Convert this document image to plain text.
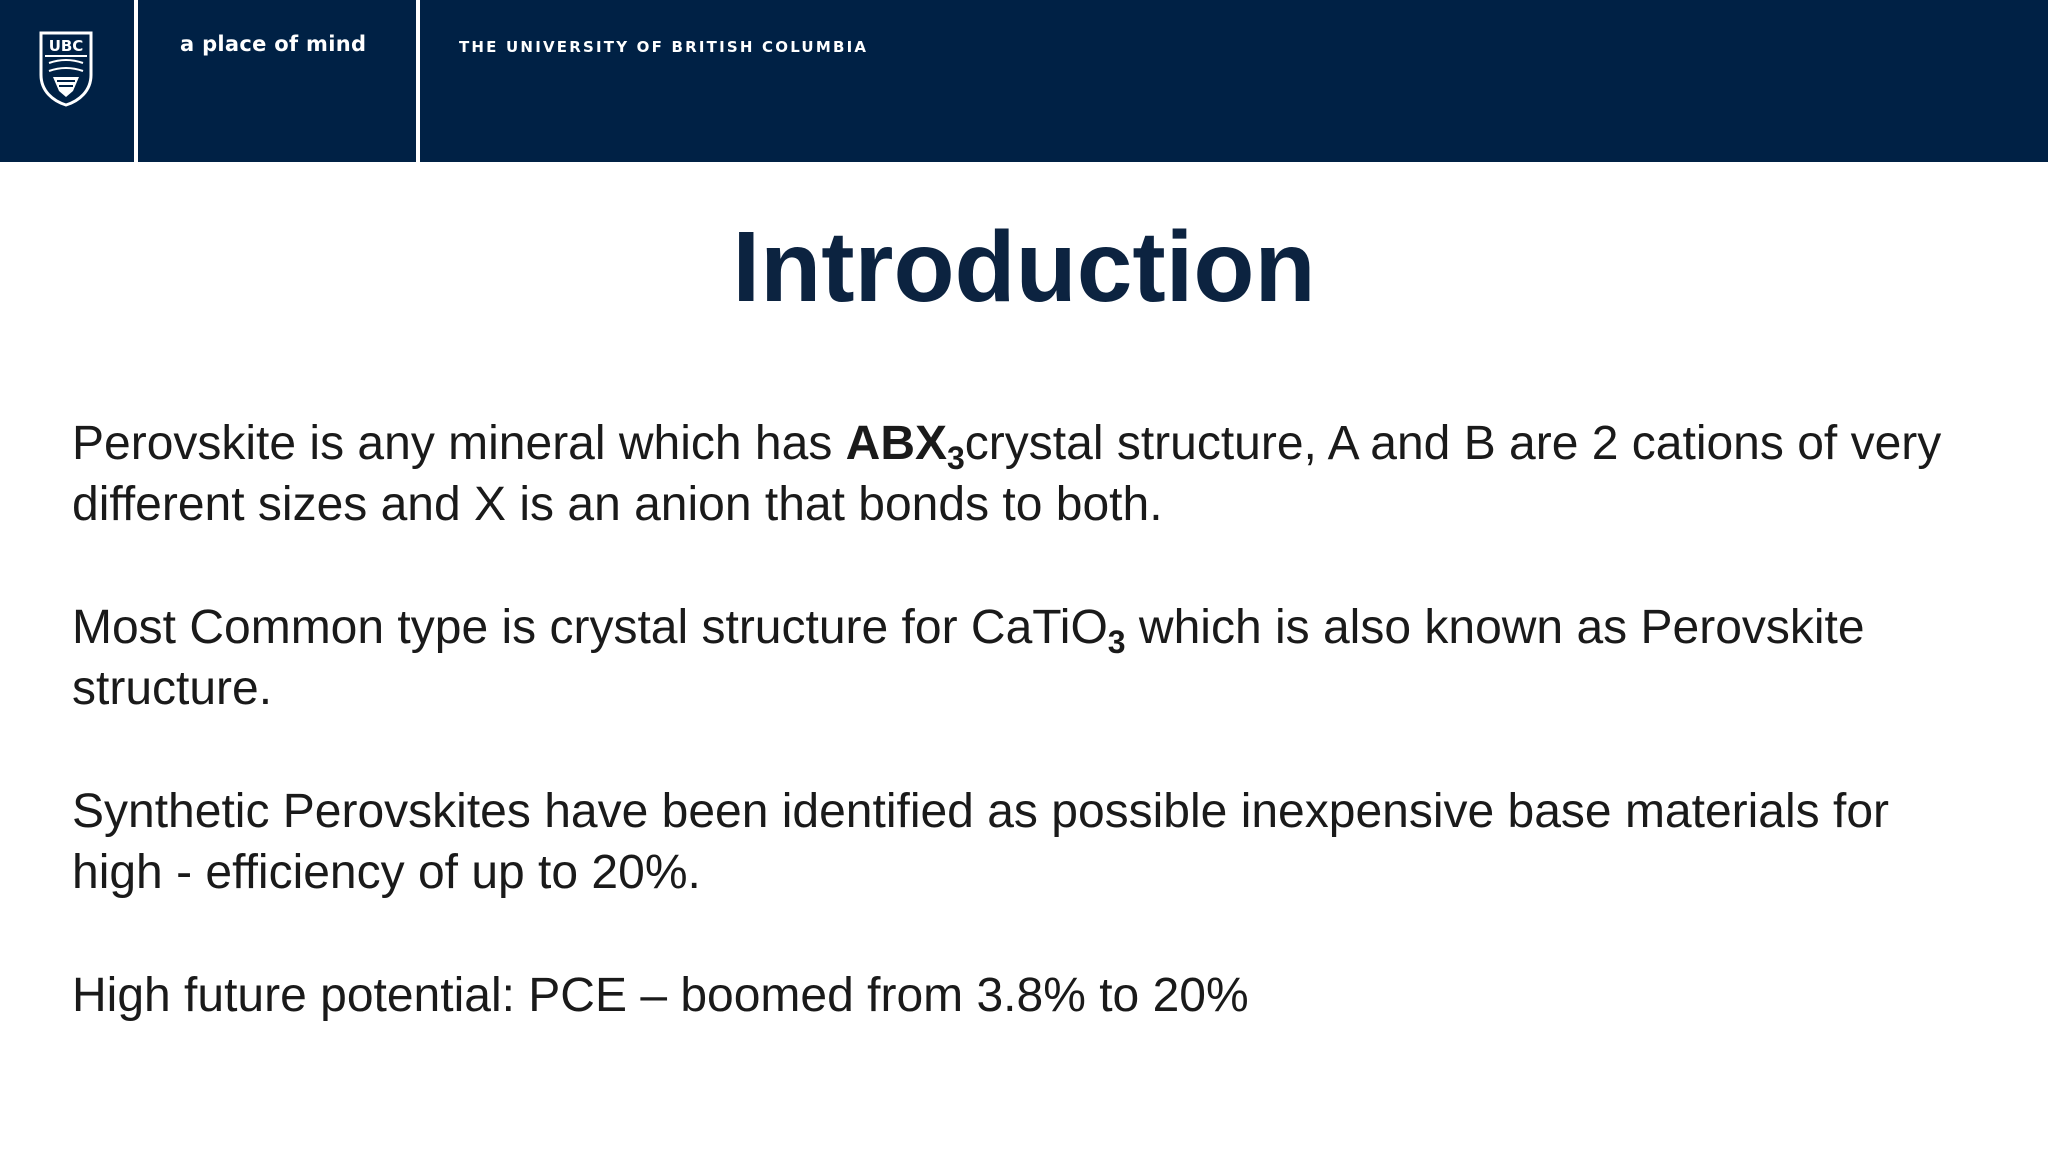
UBC	a place of mind	THE UNIVERSITY OF BRITISH COLUMBIA
Introduction
Perovskite is any mineral which has $ABX_3crystal$ structure, A and B are 2 cations of very different sizes and X is an anion that bonds to both.
Most Common type is crystal structure for CaTiO$_3$ which is also known as Perovskite structure.
Synthetic Perovskites have been identified as possible inexpensive base materials for high - efficiency of up to 20%.
High future potential: PCE – boomed from 3.8% to 20%
